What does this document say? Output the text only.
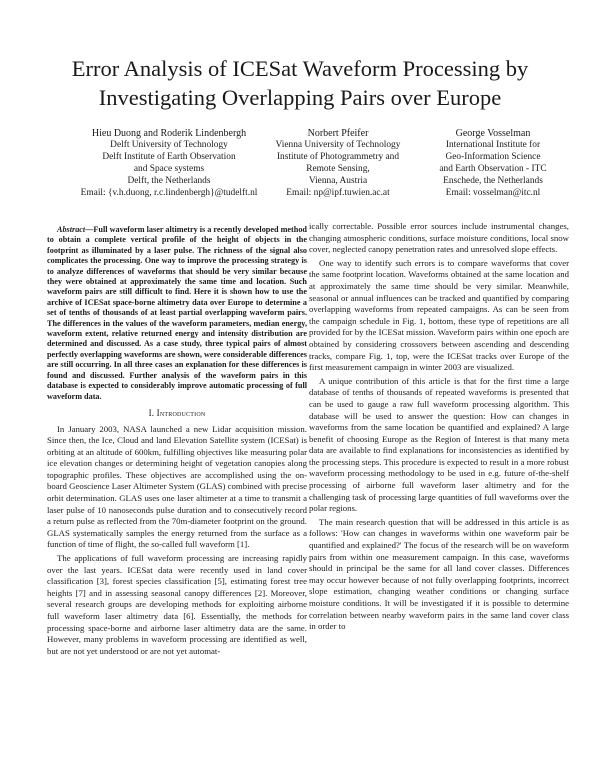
Error Analysis of ICESat Waveform Processing by
Investigating Overlapping Pairs over Europe
Hieu Duong and Roderik Lindenbergh
Delft University of Technology
Delft Institute of Earth Observation
and Space systems
Delft, the Netherlands
Email: {v.h.duong, r.c.lindenbergh}@tudelft.nl
Norbert Pfeifer
Vienna University of Technology
Institute of Photogrammetry and
Remote Sensing,
Vienna, Austria
Email: np@ipf.tuwien.ac.at
George Vosselman
International Institute for
Geo-Information Science
and Earth Observation - ITC
Enschede, the Netherlands
Email: vosselman@itc.nl

Abstract—Full waveform laser altimetry is a recently developed method to obtain a complete vertical profile of the height of objects in the footprint as illuminated by a laser pulse. The richness of the signal also complicates the processing. One way to improve the processing strategy is to analyze differences of waveforms that should be very similar because they were obtained at approximately the same time and location. Such waveform pairs are still difficult to find. Here it is shown how to use the archive of ICESat space-borne altimetry data over Europe to determine a set of tenths of thousands of at least partial overlapping waveform pairs. The differences in the values of the waveform parameters, median energy, waveform extent, relative returned energy and intensity distribution are determined and discussed. As a case study, three typical pairs of almost perfectly overlapping waveforms are shown, were considerable differences are still occurring. In all three cases an explanation for these differences is found and discussed. Further analysis of the waveform pairs in this database is expected to considerably improve automatic processing of full waveform data.

I. Introduction

In January 2003, NASA launched a new Lidar acquisition mission. Since then, the Ice, Cloud and land Elevation Satellite system (ICESat) is orbiting at an altitude of 600km, fulfilling objectives like measuring polar ice elevation changes or determining height of vegetation canopies along topographic profiles. These objectives are accomplished using the on-board Geoscience Laser Altimeter System (GLAS) combined with precise orbit determination. GLAS uses one laser altimeter at a time to transmit a laser pulse of 10 nanoseconds pulse duration and to consecutively record a return pulse as reflected from the 70m-diameter footprint on the ground. GLAS systematically samples the energy returned from the surface as a function of time of flight, the so-called full waveform [1].

The applications of full waveform processing are increasing rapidly over the last years. ICESat data were recently used in land cover classification [3], forest species classification [5], estimating forest tree heights [7] and in assessing seasonal canopy differences [2]. Moreover, several research groups are developing methods for exploiting airborne full waveform laser altimetry data [6]. Essentially, the methods for processing space-borne and airborne laser altimetry data are the same. However, many problems in waveform processing are identified as well, but are not yet understood or are not yet automat-

ically correctable. Possible error sources include instrumental changes, changing atmospheric conditions, surface moisture conditions, local snow cover, neglected canopy penetration rates and unresolved slope effects.

One way to identify such errors is to compare waveforms that cover the same footprint location. Waveforms obtained at the same location and at approximately the same time should be very similar. Meanwhile, seasonal or annual influences can be tracked and quantified by comparing overlapping waveforms from repeated campaigns. As can be seen from the campaign schedule in Fig. 1, bottom, these type of repetitions are all provided for by the ICESat mission. Waveform pairs within one epoch are obtained by considering crossovers between ascending and descending tracks, compare Fig. 1, top, were the ICESat tracks over Europe of the first measurement campaign in winter 2003 are visualized.

A unique contribution of this article is that for the first time a large database of tenths of thousands of repeated waveforms is presented that can be used to gauge a raw full waveform processing algorithm. This database will be used to answer the question: How can changes in waveforms from the same location be quantified and explained? A large benefit of choosing Europe as the Region of Interest is that many meta data are available to find explanations for inconsistencies as identified by the processing steps. This procedure is expected to result in a more robust waveform processing methodology to be used in e.g. future of-the-shelf processing of airborne full waveform laser altimetry and for the challenging task of processing large quantities of full waveforms over the polar regions.

The main research question that will be addressed in this article is as follows: 'How can changes in waveforms within one waveform pair be quantified and explained?' The focus of the research will be on waveform pairs from within one measurement campaign. In this case, waveforms should in principal be the same for all land cover classes. Differences may occur however because of not fully overlapping footprints, incorrect slope estimation, changing weather conditions or changing surface moisture conditions. It will be investigated if it is possible to determine correlation between nearby waveform pairs in the same land cover class in order to
